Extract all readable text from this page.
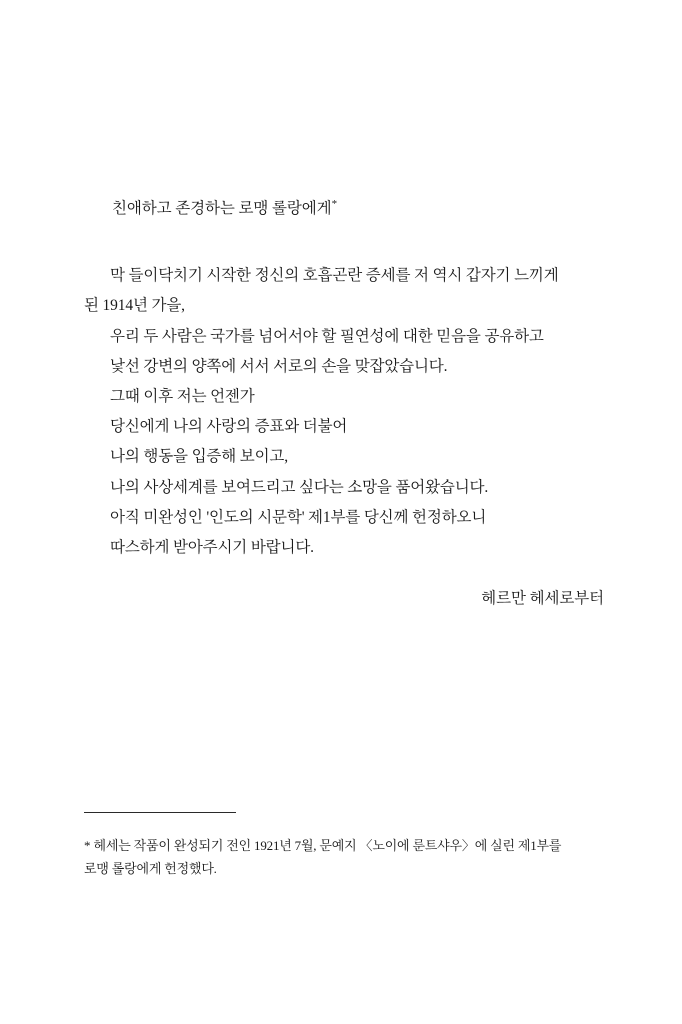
친애하고 존경하는 로맹 롤랑에게*

막 들이닥치기 시작한 정신의 호흡곤란 증세를 저 역시 갑자기 느끼게
된 1914년 가을,
우리 두 사람은 국가를 넘어서야 할 필연성에 대한 믿음을 공유하고
낯선 강변의 양쪽에 서서 서로의 손을 맞잡았습니다.
그때 이후 저는 언젠가
당신에게 나의 사랑의 증표와 더불어
나의 행동을 입증해 보이고,
나의 사상세계를 보여드리고 싶다는 소망을 품어왔습니다.
아직 미완성인 '인도의 시문학' 제1부를 당신께 헌정하오니
따스하게 받아주시기 바랍니다.
헤르만 헤세로부터

* 헤세는 작품이 완성되기 전인 1921년 7월, 문예지 〈노이에 룬트샤우〉에 실린 제1부를
로맹 롤랑에게 헌정했다.
